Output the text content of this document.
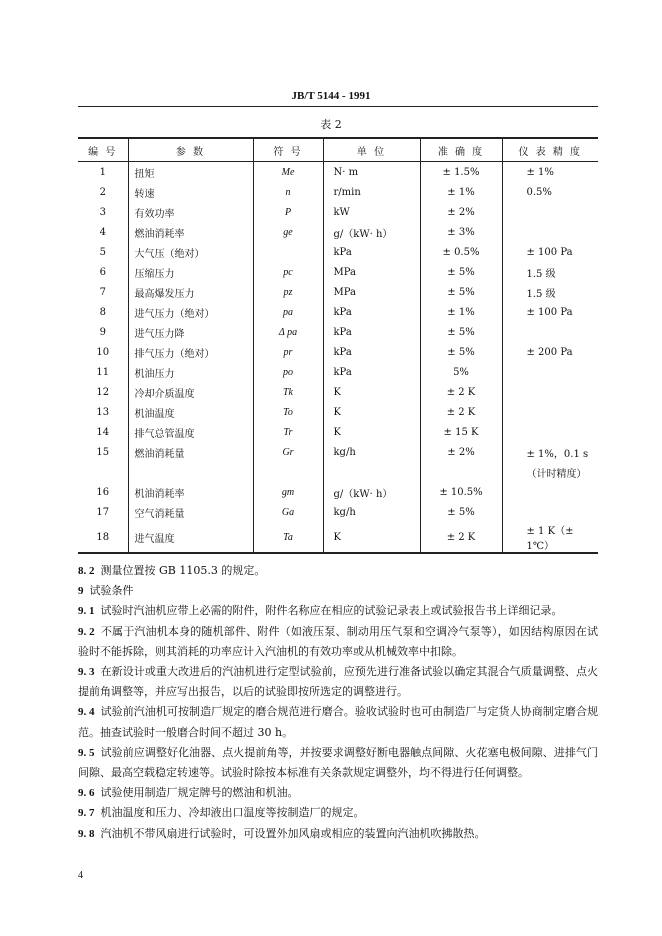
JB/T 5144 - 1991
表 2
编 号	参 数	符 号	单 位	准 确 度	仪 表 精 度
1	扭矩	Me	N· m	± 1.5%	± 1%
2	转速	n	r/min	± 1%	0.5%
3	有效功率	P	kW	± 2%	
4	燃油消耗率	ge	g/（kW· h）	± 3%	
5	大气压（绝对）		kPa	± 0.5%	± 100 Pa
6	压缩压力	pc	MPa	± 5%	1.5 级
7	最高爆发压力	pz	MPa	± 5%	1.5 级
8	进气压力（绝对）	pa	kPa	± 1%	± 100 Pa
9	进气压力降	Δ pa	kPa	± 5%	
10	排气压力（绝对）	pr	kPa	± 5%	± 200 Pa
11	机油压力	po	kPa	5%	
12	冷却介质温度	Tk	K	± 2 K	
13	机油温度	To	K	± 2 K	
14	排气总管温度	Tr	K	± 15 K	
15	燃油消耗量	Gr	kg/h	± 2%	± 1%，0.1 s
					（计时精度）
16	机油消耗率	gm	g/（kW· h）	± 10.5%	
17	空气消耗量	Ga	kg/h	± 5%	
18	进气温度	Ta	K	± 2 K	± 1 K（± 1℃）

8. 2 测量位置按 GB 1105.3 的规定。

9 试验条件

9. 1 试验时汽油机应带上必需的附件，附件名称应在相应的试验记录表上或试验报告书上详细记录。

9. 2 不属于汽油机本身的随机部件、附件（如液压泵、制动用压气泵和空调冷气泵等），如因结构原因在试验时不能拆除，则其消耗的功率应计入汽油机的有效功率或从机械效率中扣除。

9. 3 在新设计或重大改进后的汽油机进行定型试验前，应预先进行准备试验以确定其混合气质量调整、点火提前角调整等，并应写出报告，以后的试验即按所选定的调整进行。

9. 4 试验前汽油机可按制造厂规定的磨合规范进行磨合。验收试验时也可由制造厂与定货人协商制定磨合规范。抽查试验时一般磨合时间不超过 30 h。

9. 5 试验前应调整好化油器、点火提前角等，并按要求调整好断电器触点间隙、火花塞电极间隙、进排气门间隙、最高空载稳定转速等。试验时除按本标准有关条款规定调整外，均不得进行任何调整。

9. 6 试验使用制造厂规定牌号的燃油和机油。

9. 7 机油温度和压力、冷却液出口温度等按制造厂的规定。

9. 8 汽油机不带风扇进行试验时，可设置外加风扇或相应的装置向汽油机吹拂散热。

4
